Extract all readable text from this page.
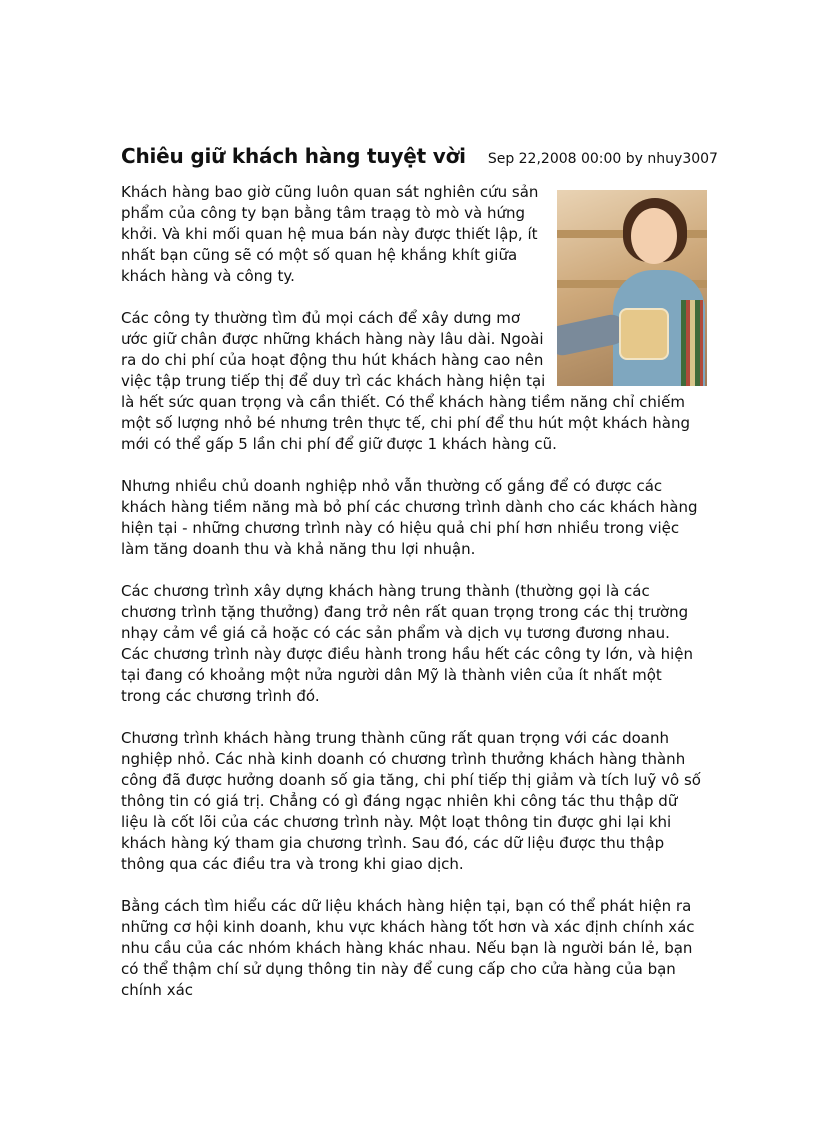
Chiêu giữ khách hàng tuyệt vời Sep 22,2008 00:00 by nhuy3007

Khách hàng bao giờ cũng luôn quan sát nghiên cứu sản phẩm của công ty bạn bằng tâm traạg tò mò và hứng khởi. Và khi mối quan hệ mua bán này được thiết lập, ít nhất bạn cũng sẽ có một số quan hệ khắng khít giữa khách hàng và công ty.

Các công ty thường tìm đủ mọi cách để xây dưng mơ ước giữ chân được những khách hàng này lâu dài. Ngoài ra do chi phí của hoạt động thu hút khách hàng cao nên việc tập trung tiếp thị để duy trì các khách hàng hiện tại là hết sức quan trọng và cần thiết. Có thể khách hàng tiềm năng chỉ chiếm một số lượng nhỏ bé nhưng trên thực tế, chi phí để thu hút một khách hàng mới có thể gấp 5 lần chi phí để giữ được 1 khách hàng cũ.

Nhưng nhiều chủ doanh nghiệp nhỏ vẫn thường cố gắng để có được các khách hàng tiềm năng mà bỏ phí các chương trình dành cho các khách hàng hiện tại - những chương trình này có hiệu quả chi phí hơn nhiều trong việc làm tăng doanh thu và khả năng thu lợi nhuận.

Các chương trình xây dựng khách hàng trung thành (thường gọi là các chương trình tặng thưởng) đang trở nên rất quan trọng trong các thị trường nhạy cảm về giá cả hoặc có các sản phẩm và dịch vụ tương đương nhau. Các chương trình này được điều hành trong hầu hết các công ty lớn, và hiện tại đang có khoảng một nửa người dân Mỹ là thành viên của ít nhất một trong các chương trình đó.

Chương trình khách hàng trung thành cũng rất quan trọng với các doanh nghiệp nhỏ. Các nhà kinh doanh có chương trình thưởng khách hàng thành công đã được hưởng doanh số gia tăng, chi phí tiếp thị giảm và tích luỹ vô số thông tin có giá trị. Chẳng có gì đáng ngạc nhiên khi công tác thu thập dữ liệu là cốt lõi của các chương trình này. Một loạt thông tin được ghi lại khi khách hàng ký tham gia chương trình. Sau đó, các dữ liệu được thu thập thông qua các điều tra và trong khi giao dịch.

Bằng cách tìm hiểu các dữ liệu khách hàng hiện tại, bạn có thể phát hiện ra những cơ hội kinh doanh, khu vực khách hàng tốt hơn và xác định chính xác nhu cầu của các nhóm khách hàng khác nhau. Nếu bạn là người bán lẻ, bạn có thể thậm chí sử dụng thông tin này để cung cấp cho cửa hàng của bạn chính xác
